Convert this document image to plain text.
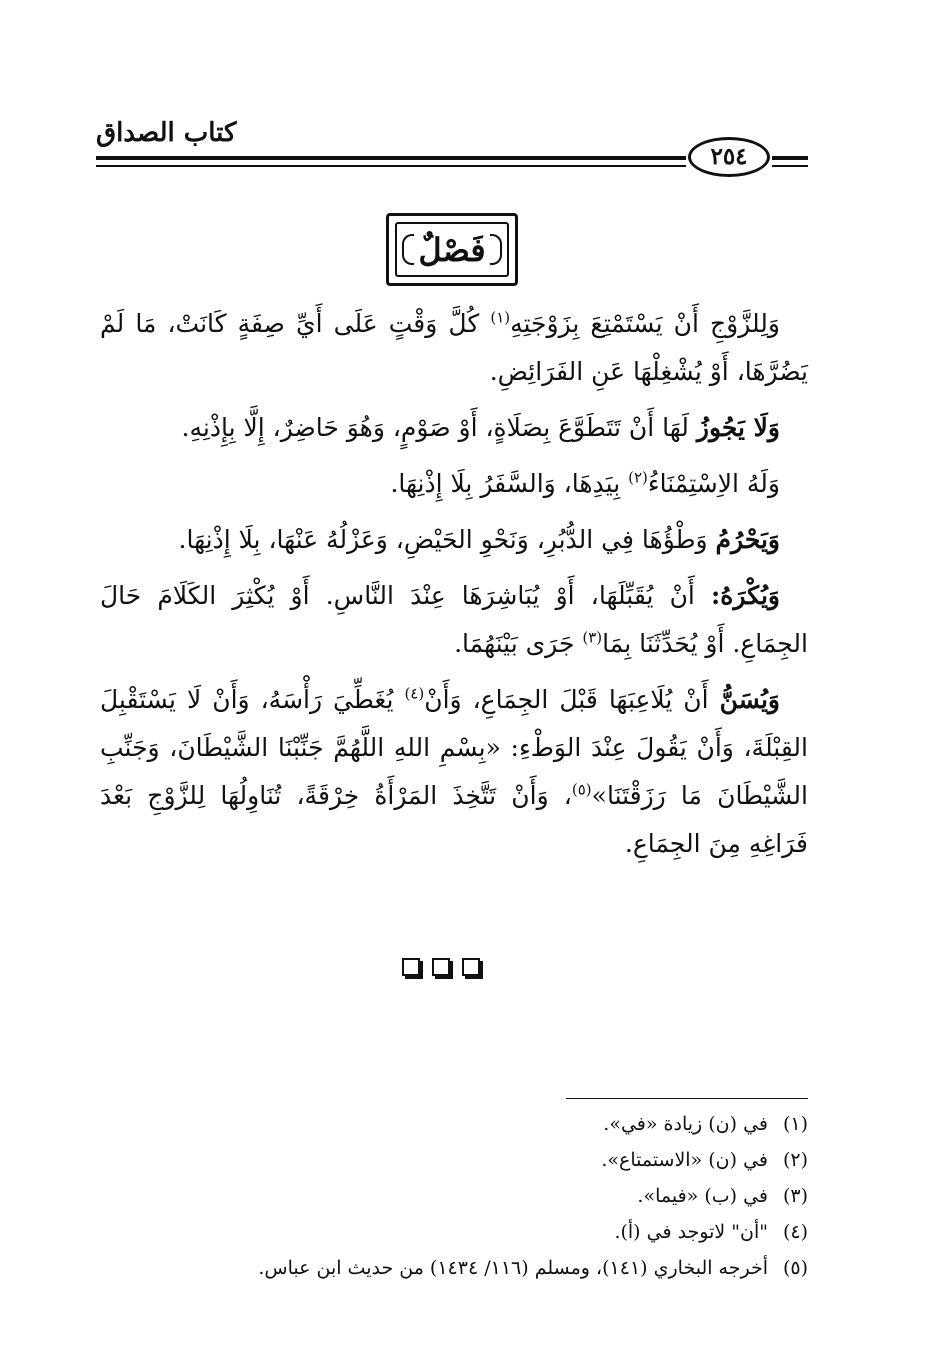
كتاب الصداق
٢٥٤
فَصْلٌ

وَلِلزَّوْجِ أَنْ يَسْتَمْتِعَ بِزَوْجَتِهِ$^{(١)}$ كُلَّ وَقْتٍ عَلَى أَيِّ صِفَةٍ كَانَتْ، مَا لَمْ يَضُرَّهَا، أَوْ يُشْغِلْهَا عَنِ الفَرَائِضِ.

وَلَا يَجُوزُ لَهَا أَنْ تَتَطَوَّعَ بِصَلَاةٍ، أَوْ صَوْمٍ، وَهُوَ حَاضِرٌ، إِلَّا بِإِذْنِهِ.

وَلَهُ الاِسْتِمْنَاءُ$^{(٢)}$ بِيَدِهَا، وَالسَّفَرُ بِلَا إِذْنِهَا.

وَيَحْرُمُ وَطْؤُهَا فِي الدُّبُرِ، وَنَحْوِ الحَيْضِ، وَعَزْلُهُ عَنْهَا، بِلَا إِذْنِهَا.

وَيُكْرَهُ: أَنْ يُقَبِّلَهَا، أَوْ يُبَاشِرَهَا عِنْدَ النَّاسِ. أَوْ يُكْثِرَ الكَلَامَ حَالَ الجِمَاعِ. أَوْ يُحَدِّثَنَا بِمَا$^{(٣)}$ جَرَى بَيْنَهُمَا.

وَيُسَنُّ أَنْ يُلَاعِبَهَا قَبْلَ الجِمَاعِ، وَأَنْ$^{(٤)}$ يُغَطِّيَ رَأْسَهُ، وَأَنْ لَا يَسْتَقْبِلَ القِبْلَةَ، وَأَنْ يَقُولَ عِنْدَ الوَطْءِ: «بِسْمِ اللهِ اللَّهُمَّ جَنِّبْنَا الشَّيْطَانَ، وَجَنِّبِ الشَّيْطَانَ مَا رَزَقْتَنَا»$^{(٥)}$، وَأَنْ تَتَّخِذَ المَرْأَةُ خِرْقَةً، تُنَاوِلُهَا لِلزَّوْجِ بَعْدَ فَرَاغِهِ مِنَ الجِمَاعِ.

(١)في (ن) زيادة «في».
(٢)في (ن) «الاستمتاع».
(٣)في (ب) «فيما».
(٤)"أن" لاتوجد في (أ).
(٥)أخرجه البخاري (١٤١)، ومسلم (١١٦/ ١٤٣٤) من حديث ابن عباس.
